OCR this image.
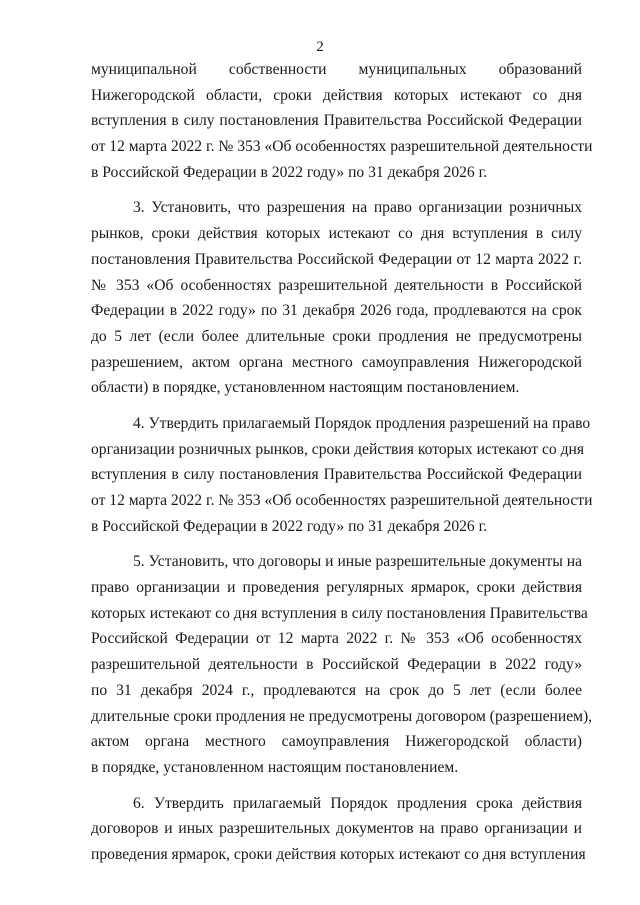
2
муниципальной собственности муниципальных образований
Нижегородской области, сроки действия которых истекают со дня
вступления в силу постановления Правительства Российской Федерации
от 12 марта 2022 г. № 353 «Об особенностях разрешительной деятельности
в Российской Федерации в 2022 году» по 31 декабря 2026 г.
3. Установить, что разрешения на право организации розничных
рынков, сроки действия которых истекают со дня вступления в силу
постановления Правительства Российской Федерации от 12 марта 2022 г.
№ 353 «Об особенностях разрешительной деятельности в Российской
Федерации в 2022 году» по 31 декабря 2026 года, продлеваются на срок
до 5 лет (если более длительные сроки продления не предусмотрены
разрешением, актом органа местного самоуправления Нижегородской
области) в порядке, установленном настоящим постановлением.
4. Утвердить прилагаемый Порядок продления разрешений на право
организации розничных рынков, сроки действия которых истекают со дня
вступления в силу постановления Правительства Российской Федерации
от 12 марта 2022 г. № 353 «Об особенностях разрешительной деятельности
в Российской Федерации в 2022 году» по 31 декабря 2026 г.
5. Установить, что договоры и иные разрешительные документы на
право организации и проведения регулярных ярмарок, сроки действия
которых истекают со дня вступления в силу постановления Правительства
Российской Федерации от 12 марта 2022 г. № 353 «Об особенностях
разрешительной деятельности в Российской Федерации в 2022 году»
по 31 декабря 2024 г., продлеваются на срок до 5 лет (если более
длительные сроки продления не предусмотрены договором (разрешением),
актом органа местного самоуправления Нижегородской области)
в порядке, установленном настоящим постановлением.
6. Утвердить прилагаемый Порядок продления срока действия
договоров и иных разрешительных документов на право организации и
проведения ярмарок, сроки действия которых истекают со дня вступления
